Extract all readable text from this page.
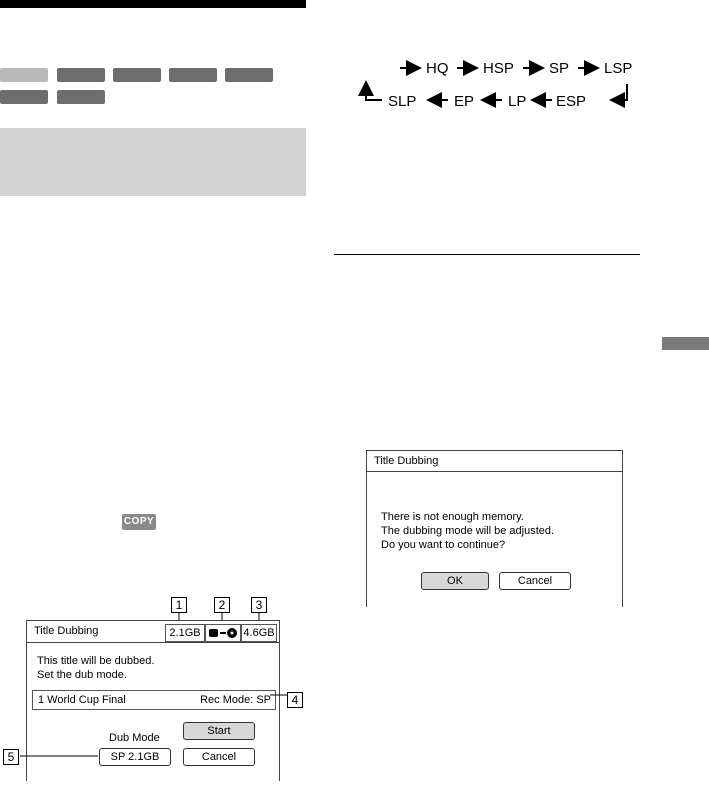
COPY
HQ HSP SP LSP
ESP
LP
EP
SLP
1	2	3
Title Dubbing	2.1GB	4.6GB
This title will be dubbed.
Set the dub mode.
1 World Cup Final	Rec Mode: SP
Start
Dub Mode
SP 2.1GB	Cancel
4
5
Title Dubbing
There is not enough memory.
The dubbing mode will be adjusted.
Do you want to continue?
OK	Cancel
